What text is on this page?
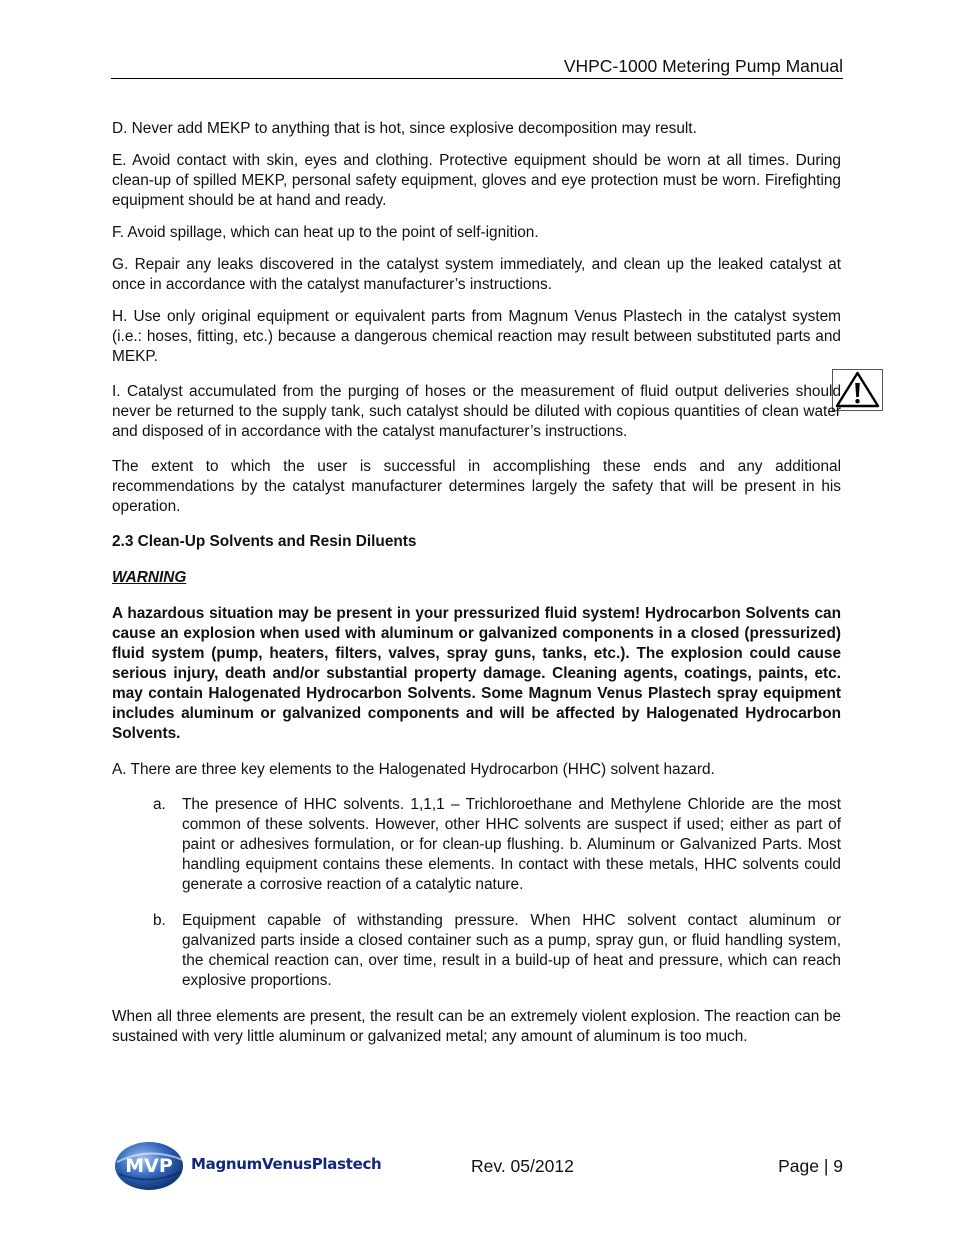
VHPC-1000 Metering Pump Manual

D. Never add MEKP to anything that is hot, since explosive decomposition may result.

E. Avoid contact with skin, eyes and clothing. Protective equipment should be worn at all times. During clean-up of spilled MEKP, personal safety equipment, gloves and eye protection must be worn. Firefighting equipment should be at hand and ready.

F. Avoid spillage, which can heat up to the point of self-ignition.

G. Repair any leaks discovered in the catalyst system immediately, and clean up the leaked catalyst at once in accordance with the catalyst manufacturer’s instructions.

H. Use only original equipment or equivalent parts from Magnum Venus Plastech in the catalyst system (i.e.: hoses, fitting, etc.) because a dangerous chemical reaction may result between substituted parts and MEKP.

I. Catalyst accumulated from the purging of hoses or the measurement of fluid output deliveries should never be returned to the supply tank, such catalyst should be diluted with copious quantities of clean water and disposed of in accordance with the catalyst manufacturer’s instructions.

The extent to which the user is successful in accomplishing these ends and any additional recommendations by the catalyst manufacturer determines largely the safety that will be present in his operation.

2.3 Clean-Up Solvents and Resin Diluents
WARNING
A hazardous situation may be present in your pressurized fluid system! Hydrocarbon Solvents can cause an explosion when used with aluminum or galvanized components in a closed (pressurized) fluid system (pump, heaters, filters, valves, spray guns, tanks, etc.). The explosion could cause serious injury, death and/or substantial property damage. Cleaning agents, coatings, paints, etc. may contain Halogenated Hydrocarbon Solvents. Some Magnum Venus Plastech spray equipment includes aluminum or galvanized components and will be affected by Halogenated Hydrocarbon Solvents.

A. There are three key elements to the Halogenated Hydrocarbon (HHC) solvent hazard.

a. The presence of HHC solvents. 1,1,1 – Trichloroethane and Methylene Chloride are the most common of these solvents. However, other HHC solvents are suspect if used; either as part of paint or adhesives formulation, or for clean-up flushing. b. Aluminum or Galvanized Parts. Most handling equipment contains these elements. In contact with these metals, HHC solvents could generate a corrosive reaction of a catalytic nature.
b. Equipment capable of withstanding pressure. When HHC solvent contact aluminum or galvanized parts inside a closed container such as a pump, spray gun, or fluid handling system, the chemical reaction can, over time, result in a build-up of heat and pressure, which can reach explosive proportions.

When all three elements are present, the result can be an extremely violent explosion. The reaction can be sustained with very little aluminum or galvanized metal; any amount of aluminum is too much.

MVP MagnumVenusPlastech	Rev. 05/2012	Page | 9
